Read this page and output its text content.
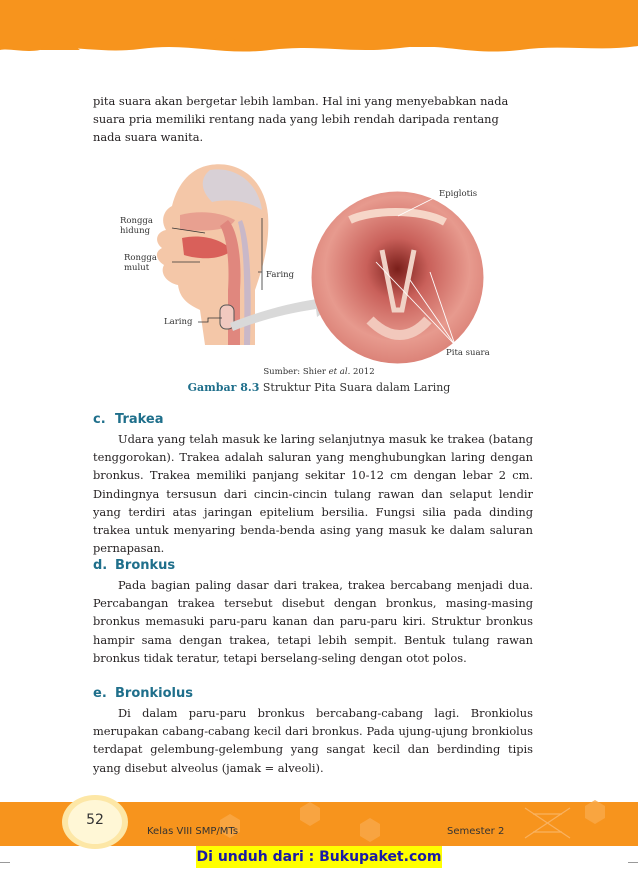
pita suara akan bergetar lebih lamban. Hal ini yang menyebabkan nada

suara pria memiliki rentang nada yang lebih rendah daripada rentang

nada suara wanita.

Rongga
hidung
Rongga
mulut
Faring
Laring
Epiglotis
Pita suara
Sumber: Shier et al. 2012
Gambar 8.3 Struktur Pita Suara dalam Laring
c. Trakea

Udara yang telah masuk ke laring selanjutnya masuk ke trakea (batang tenggorokan). Trakea adalah saluran yang menghubungkan laring dengan bronkus. Trakea memiliki panjang sekitar 10-12 cm dengan lebar 2 cm. Dindingnya tersusun dari cincin-cincin tulang rawan dan selaput lendir yang terdiri atas jaringan epitelium bersilia. Fungsi silia pada dinding trakea untuk menyaring benda-benda asing yang masuk ke dalam saluran pernapasan.

d. Bronkus

Pada bagian paling dasar dari trakea, trakea bercabang menjadi dua. Percabangan trakea tersebut disebut dengan bronkus, masing-masing bronkus memasuki paru-paru kanan dan paru-paru kiri. Struktur bronkus hampir sama dengan trakea, tetapi lebih sempit. Bentuk tulang rawan bronkus tidak teratur, tetapi berselang-seling dengan otot polos.

e. Bronkiolus

Di dalam paru-paru bronkus bercabang-cabang lagi. Bronkiolus merupakan cabang-cabang kecil dari bronkus. Pada ujung-ujung bronkiolus terdapat gelembung-gelembung yang sangat kecil dan berdinding tipis yang disebut alveolus (jamak = alveoli).

52
Kelas VIII SMP/MTs	Semester 2
Di unduh dari : Bukupaket.com
